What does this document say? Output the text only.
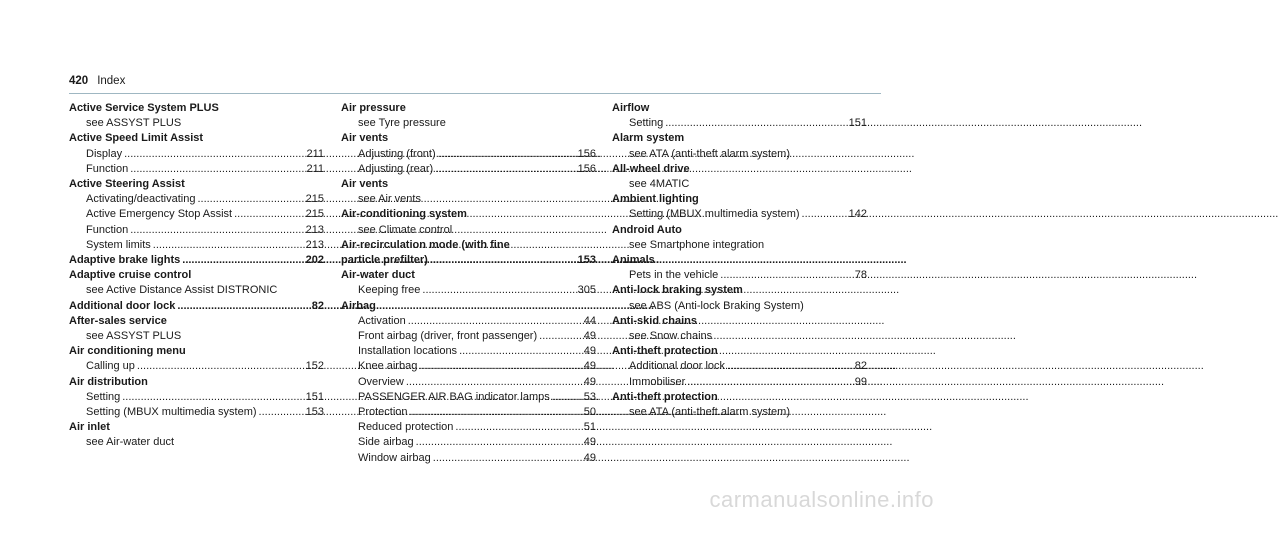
420 Index
Active Service System PLUS
see ASSYST PLUS
Active Speed Limit Assist
Display .....	211
Function .....	211
Active Steering Assist
Activating/deactivating .....	215
Active Emergency Stop Assist .....	215
Function .....	213
System limits .....	213
Adaptive brake lights .....	202
Adaptive cruise control
see Active Distance Assist DISTRONIC
Additional door lock .....	82
After-sales service
see ASSYST PLUS
Air conditioning menu
Calling up .....	152
Air distribution
Setting .....	151
Setting (MBUX multimedia system) .....	153
Air inlet
see Air-water duct
Air pressure
see Tyre pressure
Air vents
Adjusting (front) .....	156
Adjusting (rear) .....	156
Air vents
see Air vents
Air-conditioning system
see Climate control
Air-recirculation mode (with fine
particle prefilter) .....	153
Air-water duct
Keeping free .....	305
Airbag
Activation .....	44
Front airbag (driver, front passenger) .....	49
Installation locations .....	49
Knee airbag .....	49
Overview .....	49
PASSENGER AIR BAG indicator lamps .....	53
Protection .....	50
Reduced protection .....	51
Side airbag .....	49
Window airbag .....	49
Airflow
Setting .....	151
Alarm system
see ATA (anti-theft alarm system)
All-wheel drive
see 4MATIC
Ambient lighting
Setting (MBUX multimedia system) .....	142
Android Auto
see Smartphone integration
Animals
Pets in the vehicle .....	78
Anti-lock braking system
see ABS (Anti-lock Braking System)
Anti-skid chains
see Snow chains
Anti-theft protection
Additional door lock .....	82
Immobiliser .....	99
Anti-theft protection
see ATA (anti-theft alarm system)
carmanualsonline.info
